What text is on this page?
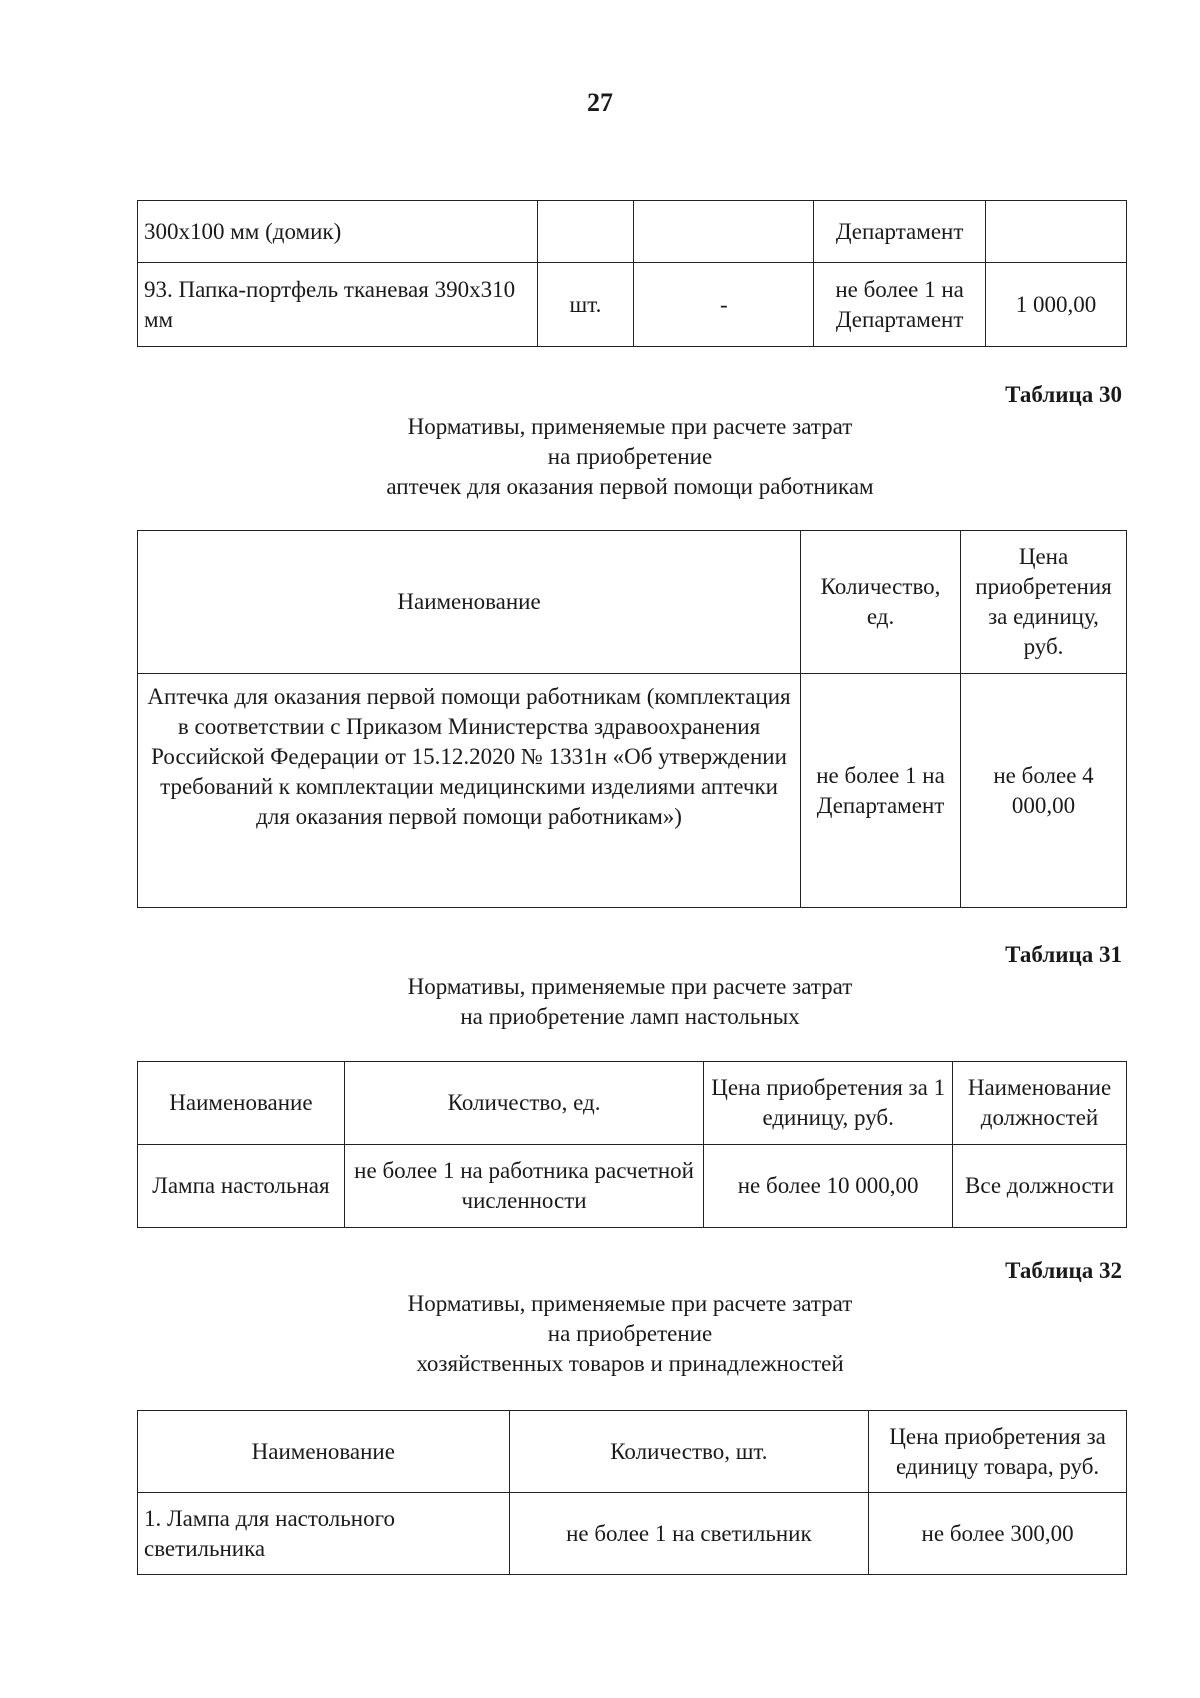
27
300х100 мм (домик)			Департамент	
93. Папка-портфель тканевая 390х310 мм	шт.	-	не более 1 на Департамент	1 000,00
Таблица 30
Нормативы, применяемые при расчете затрат
на приобретение
аптечек для оказания первой помощи работникам
Наименование	Количество, ед.	Цена приобретения за единицу, руб.
Аптечка для оказания первой помощи работникам (комплектация в соответствии с Приказом Министерства здравоохранения Российской Федерации от 15.12.2020 № 1331н «Об утверждении требований к комплектации медицинскими изделиями аптечки для оказания первой помощи работникам»)	не более 1 на Департамент	не более 4 000,00
Таблица 31
Нормативы, применяемые при расчете затрат
на приобретение ламп настольных
Наименование	Количество, ед.	Цена приобретения за 1 единицу, руб.	Наименование должностей
Лампа настольная	не более 1 на работника расчетной численности	не более 10 000,00	Все должности
Таблица 32
Нормативы, применяемые при расчете затрат
на приобретение
хозяйственных товаров и принадлежностей
Наименование	Количество, шт.	Цена приобретения за единицу товара, руб.
1. Лампа для настольного светильника	не более 1 на светильник	не более 300,00
